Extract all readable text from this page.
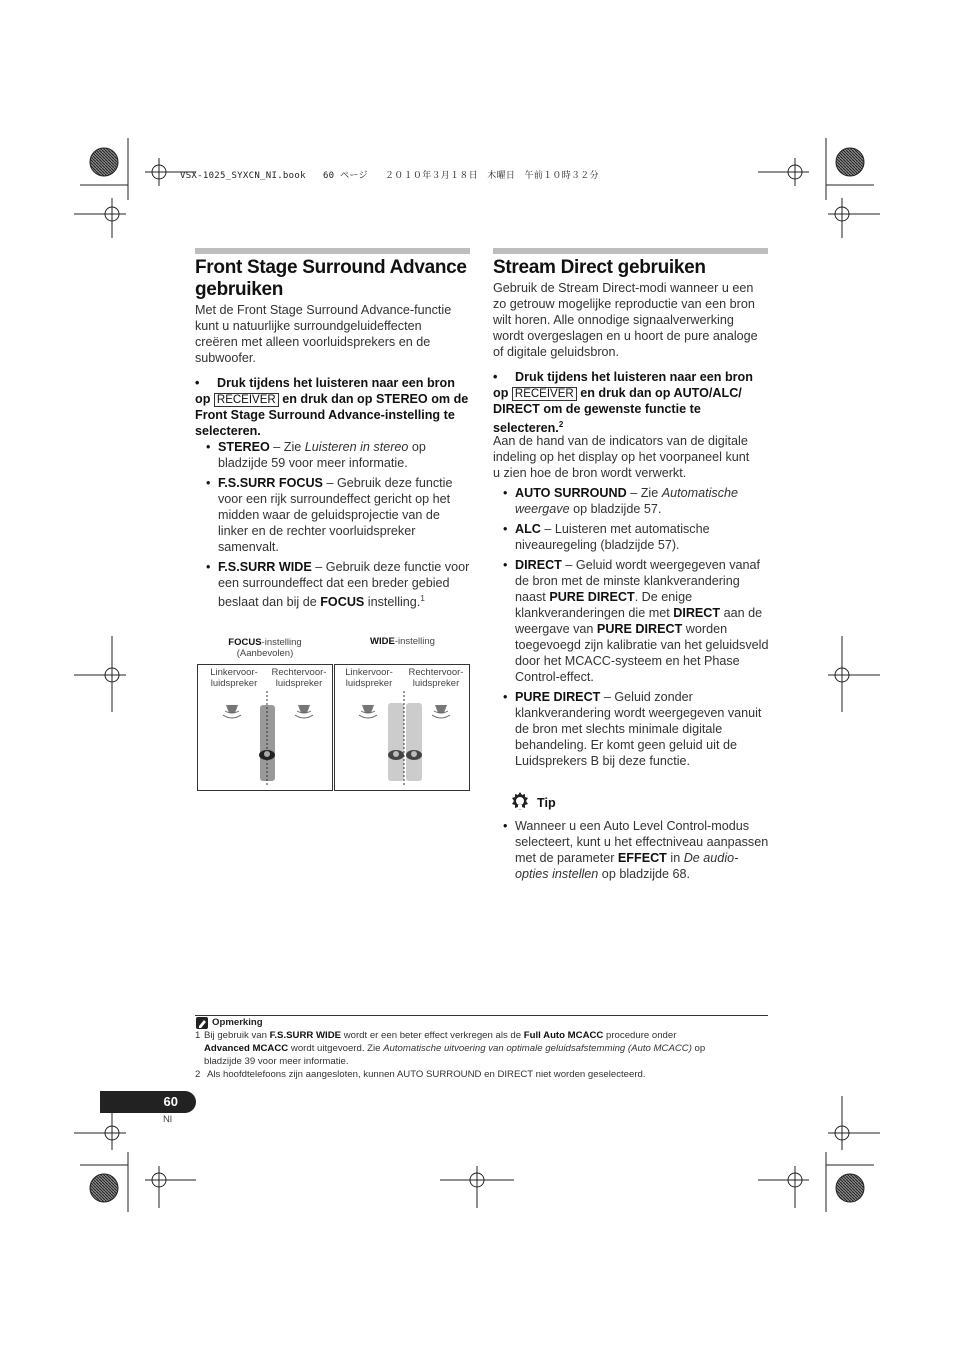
VSX-1025_SYXCN_NI.book   60 ページ   ２０１０年３月１８日　木曜日　午前１０時３２分
Front Stage Surround Advance
gebruiken
Met de Front Stage Surround Advance-functie
kunt u natuurlijke surroundgeluideffecten
creëren met alleen voorluidsprekers en de
subwoofer.
• Druk tijdens het luisteren naar een bron
op RECEIVER en druk dan op STEREO om de
Front Stage Surround Advance-instelling te
selecteren.
• STEREO – Zie Luisteren in stereo op bladzijde 59 voor meer informatie.
• F.S.SURR FOCUS – Gebruik deze functie voor een rijk surroundeffect gericht op het midden waar de geluidsprojectie van de linker en de rechter voorluidspreker samenvalt.
• F.S.SURR WIDE – Gebruik deze functie voor een surroundeffect dat een breder gebied beslaat dan bij de FOCUS instelling.$^1$
FOCUS-instelling
(Aanbevolen)
WIDE-instelling
Linkervoor-
luidspreker
Rechtervoor-
luidspreker
Linkervoor-
luidspreker
Rechtervoor-
luidspreker
Stream Direct gebruiken
Gebruik de Stream Direct-modi wanneer u een
zo getrouw mogelijke reproductie van een bron
wilt horen. Alle onnodige signaalverwerking
wordt overgeslagen en u hoort de pure analoge
of digitale geluidsbron.
• Druk tijdens het luisteren naar een bron
op RECEIVER en druk dan op AUTO/ALC/
DIRECT om de gewenste functie te
selecteren.$^2$
Aan de hand van de indicators van de digitale
indeling op het display op het voorpaneel kunt
u zien hoe de bron wordt verwerkt.
• AUTO SURROUND – Zie Automatische weergave op bladzijde 57.
• ALC – Luisteren met automatische niveauregeling (bladzijde 57).
• DIRECT – Geluid wordt weergegeven vanaf de bron met de minste klankverandering naast PURE DIRECT. De enige klankveranderingen die met DIRECT aan de weergave van PURE DIRECT worden toegevoegd zijn kalibratie van het geluidsveld door het MCACC-systeem en het Phase Control-effect.
• PURE DIRECT – Geluid zonder klankverandering wordt weergegeven vanuit de bron met slechts minimale digitale behandeling. Er komt geen geluid uit de Luidsprekers B bij deze functie.
Tip
• Wanneer u een Auto Level Control-modus selecteert, kunt u het effectniveau aanpassen met de parameter EFFECT in De audio-opties instellen op bladzijde 68.
Opmerking
1 Bij gebruik van F.S.SURR WIDE wordt er een beter effect verkregen als de Full Auto MCACC procedure onder
Advanced MCACC wordt uitgevoerd. Zie Automatische uitvoering van optimale geluidsafstemming (Auto MCACC) op
bladzijde 39 voor meer informatie.
2 Als hoofdtelefoons zijn aangesloten, kunnen AUTO SURROUND en DIRECT niet worden geselecteerd.
60
Nl
